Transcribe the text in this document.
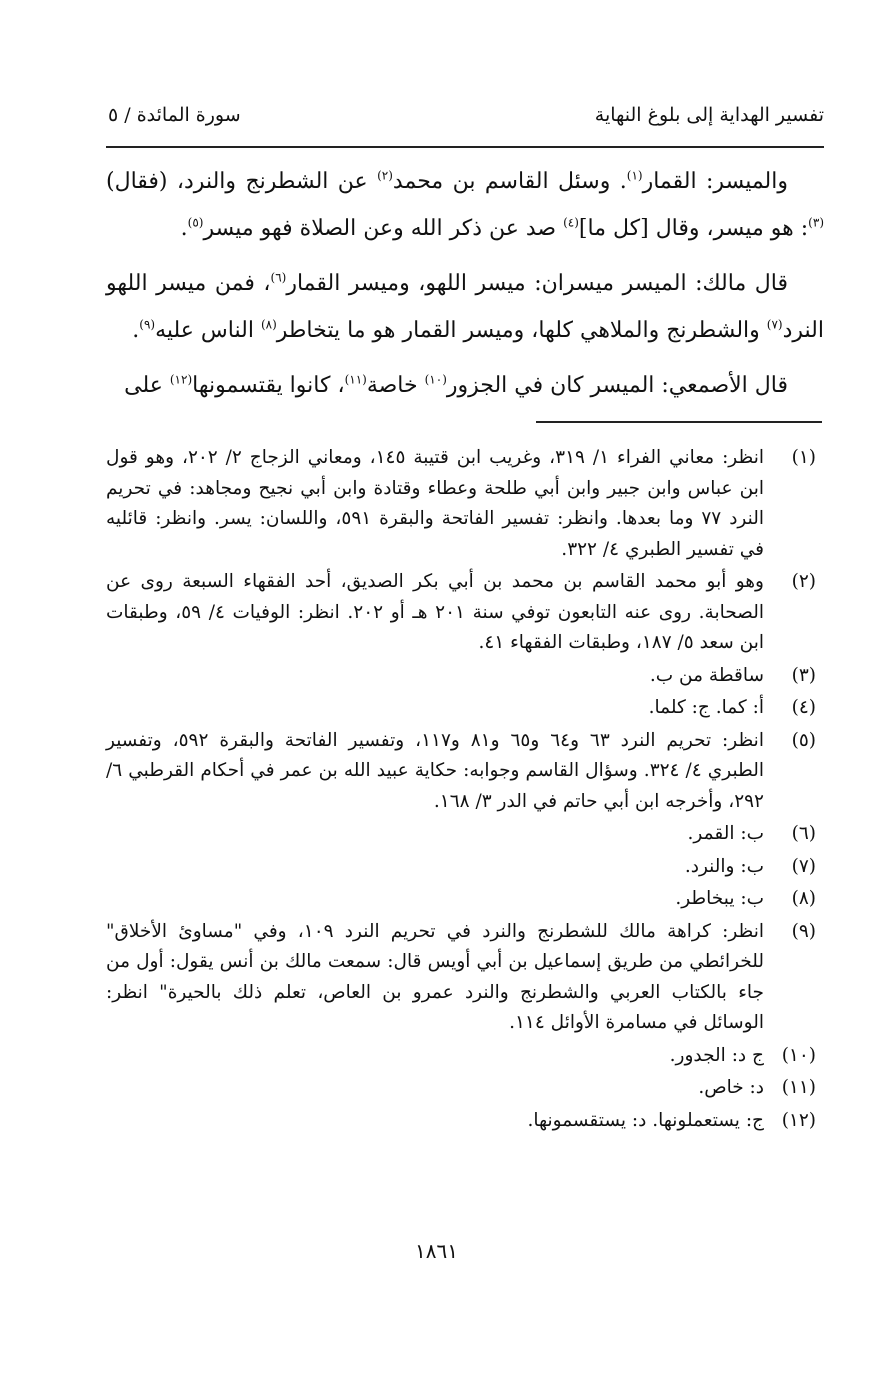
تفسير الهداية إلى بلوغ النهاية
سورة المائدة / ٥

والميسر: القمار$^{(١)}$. وسئل القاسم بن محمد$^{(٢)}$ عن الشطرنج والنرد، (فقال)$^{(٣)}$: هو ميسر، وقال [كل ما]$^{(٤)}$ صد عن ذكر الله وعن الصلاة فهو ميسر$^{(٥)}$.

قال مالك: الميسر ميسران: ميسر اللهو، وميسر القمار$^{(٦)}$، فمن ميسر اللهو النرد$^{(٧)}$ والشطرنج والملاهي كلها، وميسر القمار هو ما يتخاطر$^{(٨)}$ الناس عليه$^{(٩)}$.

قال الأصمعي: الميسر كان في الجزور$^{(١٠)}$ خاصة$^{(١١)}$، كانوا يقتسمونها$^{(١٢)}$ على

(١)
انظر: معاني الفراء ١/ ٣١٩، وغريب ابن قتيبة ١٤٥، ومعاني الزجاج ٢/ ٢٠٢، وهو قول ابن عباس وابن جبير وابن أبي طلحة وعطاء وقتادة وابن أبي نجيح ومجاهد: في تحريم النرد ٧٧ وما بعدها. وانظر: تفسير الفاتحة والبقرة ٥٩١، واللسان: يسر. وانظر: قائليه في تفسير الطبري ٤/ ٣٢٢.
(٢)
وهو أبو محمد القاسم بن محمد بن أبي بكر الصديق، أحد الفقهاء السبعة روى عن الصحابة. روى عنه التابعون توفي سنة ٢٠١ هـ أو ٢٠٢. انظر: الوفيات ٤/ ٥٩، وطبقات ابن سعد ٥/ ١٨٧، وطبقات الفقهاء ٤١.
(٣)
ساقطة من ب.
(٤)
أ: كما. ج: كلما.
(٥)
انظر: تحريم النرد ٦٣ و٦٤ و٦٥ و٨١ و١١٧، وتفسير الفاتحة والبقرة ٥٩٢، وتفسير الطبري ٤/ ٣٢٤. وسؤال القاسم وجوابه: حكاية عبيد الله بن عمر في أحكام القرطبي ٦/ ٢٩٢، وأخرجه ابن أبي حاتم في الدر ٣/ ١٦٨.
(٦)
ب: القمر.
(٧)
ب: والنرد.
(٨)
ب: يبخاطر.
(٩)
انظر: كراهة مالك للشطرنج والنرد في تحريم النرد ١٠٩، وفي "مساوئ الأخلاق" للخرائطي من طريق إسماعيل بن أبي أويس قال: سمعت مالك بن أنس يقول: أول من جاء بالكتاب العربي والشطرنج والنرد عمرو بن العاص، تعلم ذلك بالحيرة" انظر: الوسائل في مسامرة الأوائل ١١٤.
(١٠)
ج د: الجدور.
(١١)
د: خاص.
(١٢)
ج: يستعملونها. د: يستقسمونها.
١٨٦١
